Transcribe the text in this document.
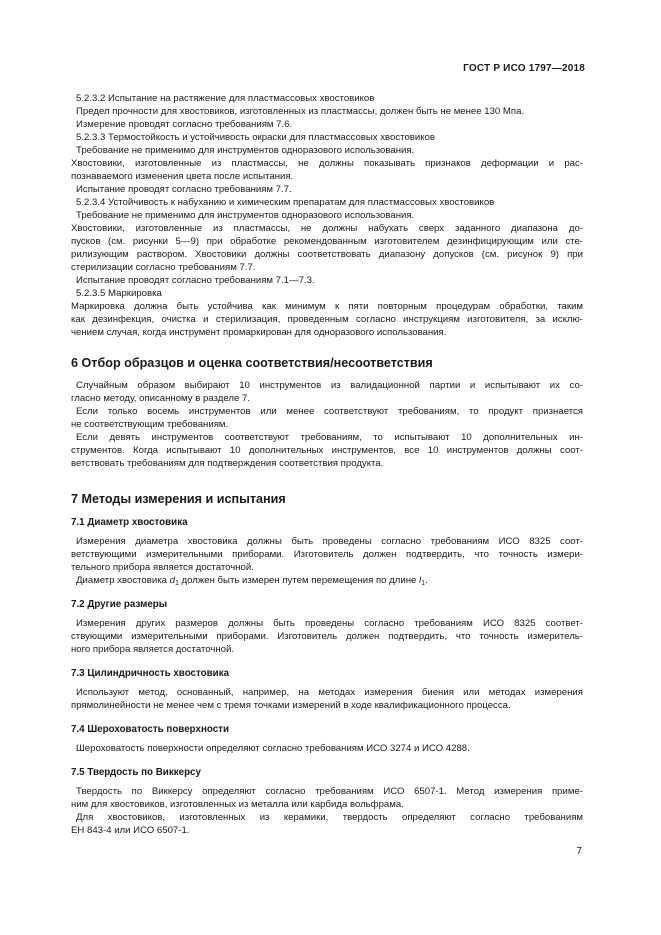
ГОСТ Р ИСО 1797—2018
5.2.3.2 Испытание на растяжение для пластмассовых хвостовиков
Предел прочности для хвостовиков, изготовленных из пластмассы, должен быть не менее 130 Мпа.
Измерение проводят согласно требованиям 7.6.
5.2.3.3 Термостойкость и устойчивость окраски для пластмассовых хвостовиков
Требование не применимо для инструментов одноразового использования.
Хвостовики, изготовленные из пластмассы, не должны показывать признаков деформации и рас-
познаваемого изменения цвета после испытания.
Испытание проводят согласно требованиям 7.7.
5.2.3.4 Устойчивость к набуханию и химическим препаратам для пластмассовых хвостовиков
Требование не применимо для инструментов одноразового использования.
Хвостовики, изготовленные из пластмассы, не должны набухать сверх заданного диапазона до-
пусков (см. рисунки 5—9) при обработке рекомендованным изготовителем дезинфицирующим или сте-
рилизующим раствором. Хвостовики должны соответствовать диапазону допусков (см. рисунок 9) при
стерилизации согласно требованиям 7.7.
Испытание проводят согласно требованиям 7.1—7.3.
5.2.3.5 Маркировка
Маркировка должна быть устойчива как минимум к пяти повторным процедурам обработки, таким
как дезинфекция, очистка и стерилизация, проведенным согласно инструкциям изготовителя, за исклю-
чением случая, когда инструмент промаркирован для одноразового использования.
6 Отбор образцов и оценка соответствия/несоответствия
Случайным образом выбирают 10 инструментов из валидационной партии и испытывают их со-
гласно методу, описанному в разделе 7.
Если только восемь инструментов или менее соответствуют требованиям, то продукт признается
не соответствующим требованиям.
Если девять инструментов соответствуют требованиям, то испытывают 10 дополнительных ин-
струментов. Когда испытывают 10 дополнительных инструментов, все 10 инструментов должны соот-
ветствовать требованиям для подтверждения соответствия продукта.
7 Методы измерения и испытания
7.1 Диаметр хвостовика
Измерения диаметра хвостовика должны быть проведены согласно требованиям ИСО 8325 соот-
ветствующими измерительными приборами. Изготовитель должен подтвердить, что точность измери-
тельного прибора является достаточной.
Диаметр хвостовика $d_1$ должен быть измерен путем перемещения по длине $l_1$.
7.2 Другие размеры
Измерения других размеров должны быть проведены согласно требованиям ИСО 8325 соответ-
ствующими измерительными приборами. Изготовитель должен подтвердить, что точность измеритель-
ного прибора является достаточной.
7.3 Цилиндричность хвостовика
Используют метод, основанный, например, на методах измерения биения или методах измерения
прямолинейности не менее чем с тремя точками измерений в ходе квалификационного процесса.
7.4 Шероховатость поверхности
Шероховатость поверхности определяют согласно требованиям ИСО 3274 и ИСО 4288.
7.5 Твердость по Виккерсу
Твердость по Виккерсу определяют согласно требованиям ИСО 6507-1. Метод измерения приме-
ним для хвостовиков, изготовленных из металла или карбида вольфрама.
Для хвостовиков, изготовленных из керамики, твердость определяют согласно требованиям
ЕН 843-4 или ИСО 6507-1.
7
